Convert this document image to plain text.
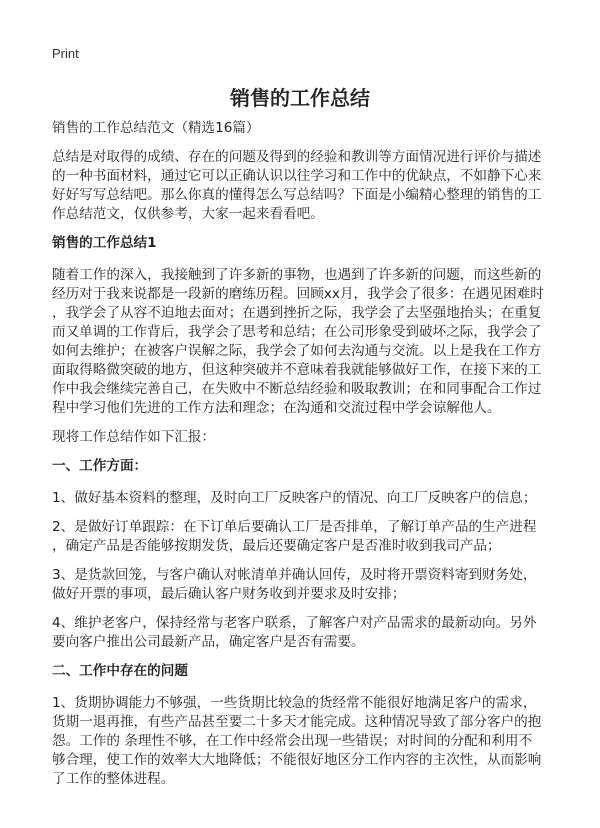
Print
销售的工作总结
销售的工作总结范文（精选16篇）
总结是对取得的成绩、存在的问题及得到的经验和教训等方面情况进行评价与描述
的一种书面材料，通过它可以正确认识以往学习和工作中的优缺点，不如静下心来
好好写写总结吧。那么你真的懂得怎么写总结吗？下面是小编精心整理的销售的工
作总结范文，仅供参考，大家一起来看看吧。
销售的工作总结1
随着工作的深入，我接触到了许多新的事物，也遇到了许多新的问题，而这些新的
经历对于我来说都是一段新的磨练历程。回顾xx月，我学会了很多：在遇见困难时
，我学会了从容不迫地去面对；在遇到挫折之际，我学会了去坚强地抬头；在重复
而又单调的工作背后，我学会了思考和总结；在公司形象受到破坏之际，我学会了
如何去维护；在被客户误解之际，我学会了如何去沟通与交流。以上是我在工作方
面取得略微突破的地方，但这种突破并不意味着我就能够做好工作，在接下来的工
作中我会继续完善自己，在失败中不断总结经验和吸取教训；在和同事配合工作过
程中学习他们先进的工作方法和理念；在沟通和交流过程中学会谅解他人。
现将工作总结作如下汇报：
一、工作方面：
1、做好基本资料的整理，及时向工厂反映客户的情况、向工厂反映客户的信息；
2、是做好订单跟踪：在下订单后要确认工厂是否排单，了解订单产品的生产进程
，确定产品是否能够按期发货，最后还要确定客户是否准时收到我司产品；
3、是货款回笼，与客户确认对帐清单并确认回传，及时将开票资料寄到财务处，
做好开票的事项，最后确认客户财务收到并要求及时安排；
4、维护老客户，保持经常与老客户联系，了解客户对产品需求的最新动向。另外
要向客户推出公司最新产品，确定客户是否有需要。
二、工作中存在的问题
1、货期协调能力不够强，一些货期比较急的货经常不能很好地满足客户的需求，
货期一退再推，有些产品甚至要二十多天才能完成。这种情况导致了部分客户的抱
怨。工作的 条理性不够，在工作中经常会出现一些错误；对时间的分配和利用不
够合理，使工作的效率大大地降低；不能很好地区分工作内容的主次性，从而影响
了工作的整体进程。
